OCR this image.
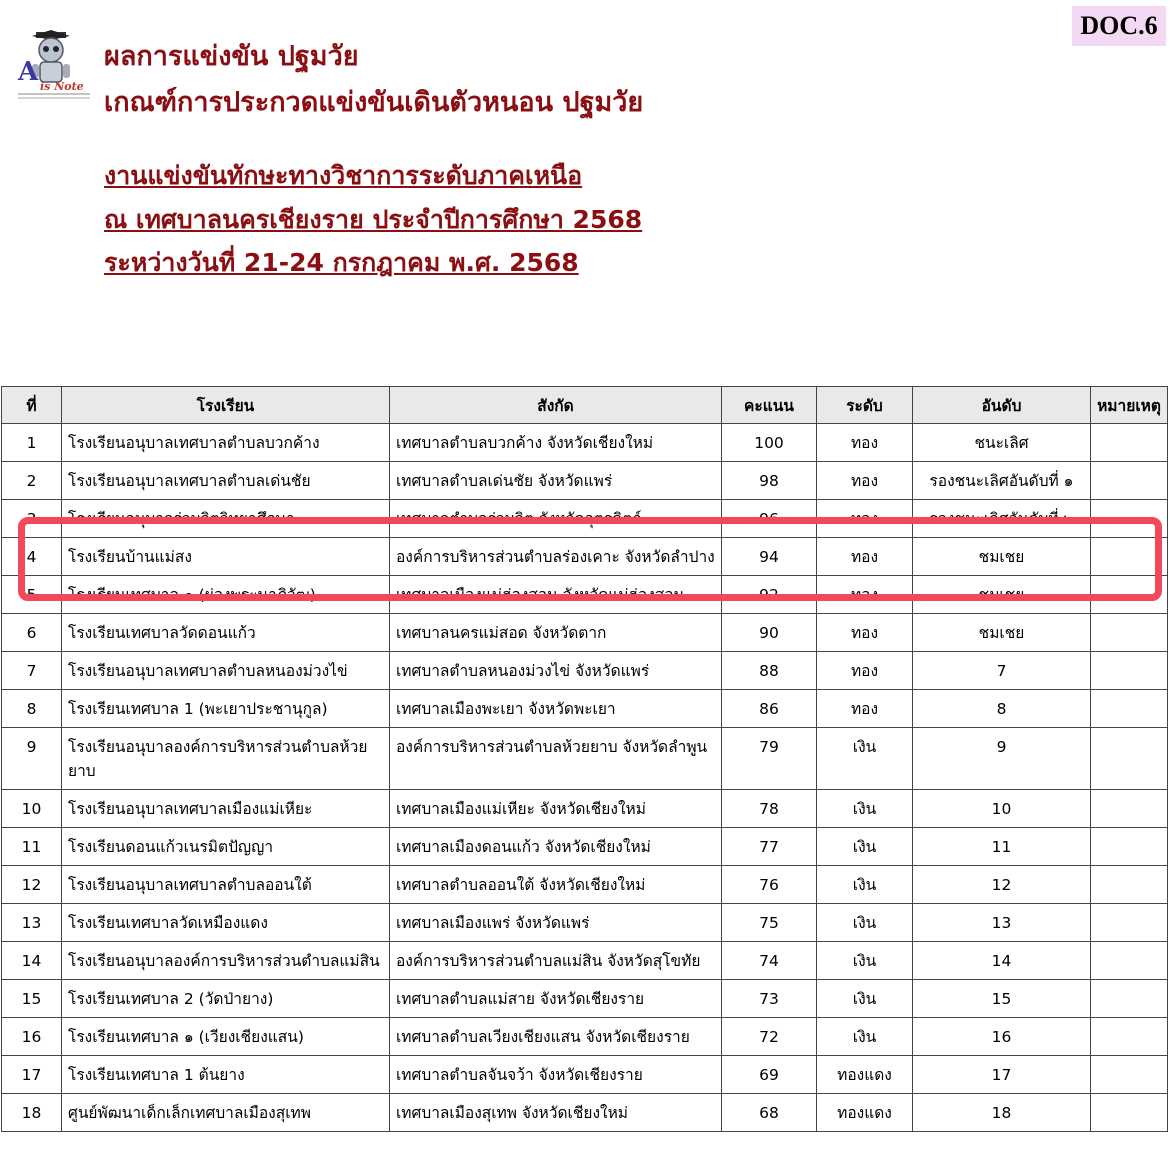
DOC.6
A is Note
ผลการแข่งขัน ปฐมวัย
เกณฑ์การประกวดแข่งขันเดินตัวหนอน ปฐมวัย
งานแข่งขันทักษะทางวิชาการระดับภาคเหนือ
ณ เทศบาลนครเชียงราย ประจำปีการศึกษา 2568
ระหว่างวันที่ 21-24 กรกฎาคม พ.ศ. 2568
ที่	โรงเรียน	สังกัด	คะแนน	ระดับ	อันดับ	หมายเหตุ
1	โรงเรียนอนุบาลเทศบาลตำบลบวกค้าง	เทศบาลตำบลบวกค้าง จังหวัดเชียงใหม่	100	ทอง	ชนะเลิศ	
2	โรงเรียนอนุบาลเทศบาลตำบลเด่นชัย	เทศบาลตำบลเด่นชัย จังหวัดแพร่	98	ทอง	รองชนะเลิศอันดับที่ ๑	
3	โรงเรียนอนุบาลร่วมจิตวิทยาศึกษา	เทศบาลตำบลร่วมจิต จังหวัดอุตรดิตถ์	96	ทอง	รองชนะเลิศอันดับที่ ๒	
4	โรงเรียนบ้านแม่สง	องค์การบริหารส่วนตำบลร่องเคาะ จังหวัดลำปาง	94	ทอง	ชมเชย	
5	โรงเรียนเทศบาล ๑ (ผ่องพระนาภิวัฒ)	เทศบาลเมืองแม่ฮ่องสอน จังหวัดแม่ฮ่องสอน	92	ทอง	ชมเชย	
6	โรงเรียนเทศบาลวัดดอนแก้ว	เทศบาลนครแม่สอด จังหวัดตาก	90	ทอง	ชมเชย	
7	โรงเรียนอนุบาลเทศบาลตำบลหนองม่วงไข่	เทศบาลตำบลหนองม่วงไข่ จังหวัดแพร่	88	ทอง	7	
8	โรงเรียนเทศบาล 1 (พะเยาประชานุกูล)	เทศบาลเมืองพะเยา จังหวัดพะเยา	86	ทอง	8	
9	โรงเรียนอนุบาลองค์การบริหารส่วนตำบลห้วยยาบ	องค์การบริหารส่วนตำบลห้วยยาบ จังหวัดลำพูน	79	เงิน	9	
10	โรงเรียนอนุบาลเทศบาลเมืองแม่เหียะ	เทศบาลเมืองแม่เหียะ จังหวัดเชียงใหม่	78	เงิน	10	
11	โรงเรียนดอนแก้วเนรมิตปัญญา	เทศบาลเมืองดอนแก้ว จังหวัดเชียงใหม่	77	เงิน	11	
12	โรงเรียนอนุบาลเทศบาลตำบลออนใต้	เทศบาลตำบลออนใต้ จังหวัดเชียงใหม่	76	เงิน	12	
13	โรงเรียนเทศบาลวัดเหมืองแดง	เทศบาลเมืองแพร่ จังหวัดแพร่	75	เงิน	13	
14	โรงเรียนอนุบาลองค์การบริหารส่วนตำบลแม่สิน	องค์การบริหารส่วนตำบลแม่สิน จังหวัดสุโขทัย	74	เงิน	14	
15	โรงเรียนเทศบาล 2 (วัดป่ายาง)	เทศบาลตำบลแม่สาย จังหวัดเชียงราย	73	เงิน	15	
16	โรงเรียนเทศบาล ๑ (เวียงเชียงแสน)	เทศบาลตำบลเวียงเชียงแสน จังหวัดเชียงราย	72	เงิน	16	
17	โรงเรียนเทศบาล 1 ต้นยาง	เทศบาลตำบลจันจว้า จังหวัดเชียงราย	69	ทองแดง	17	
18	ศูนย์พัฒนาเด็กเล็กเทศบาลเมืองสุเทพ	เทศบาลเมืองสุเทพ จังหวัดเชียงใหม่	68	ทองแดง	18	
